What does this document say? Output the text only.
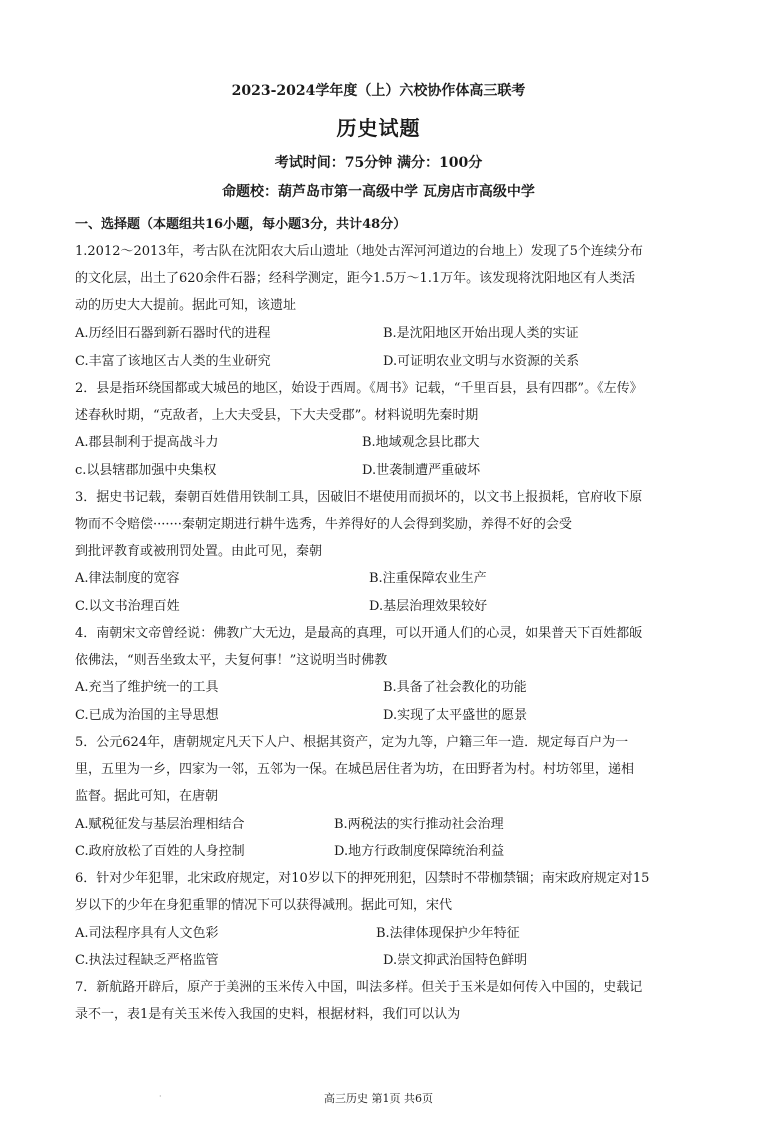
2023-2024学年度（上）六校协作体高三联考
历史试题
考试时间：75分钟 满分：100分
命题校：葫芦岛市第一高级中学 瓦房店市高级中学
一、选择题（本题组共16小题，每小题3分，共计48分）
1.2012～2013年，考古队在沈阳农大后山遗址（地处古浑河河道边的台地上）发现了5个连续分布
的文化层，出土了620余件石器；经科学测定，距今1.5万～1.1万年。该发现将沈阳地区有人类活
动的历史大大提前。据此可知，该遗址
A.历经旧石器到新石器时代的进程	B.是沈阳地区开始出现人类的实证
C.丰富了该地区古人类的生业研究	D.可证明农业文明与水资源的关系
2．县是指环绕国都或大城邑的地区，始设于西周。《周书》记载，“千里百县，县有四郡”。《左传》
述春秋时期，“克敌者，上大夫受县，下大夫受郡”。材料说明先秦时期
A.郡县制利于提高战斗力	B.地域观念县比郡大
c.以县辖郡加强中央集权	D.世袭制遭严重破坏
3．据史书记载，秦朝百姓借用铁制工具，因破旧不堪使用而损坏的，以文书上报损耗，官府收下原
物而不令赔偿·······秦朝定期进行耕牛选秀，牛养得好的人会得到奖励，养得不好的会受
到批评教育或被刑罚处置。由此可见，秦朝
A.律法制度的宽容	B.注重保障农业生产
C.以文书治理百姓	D.基层治理效果较好
4．南朝宋文帝曾经说：佛教广大无边，是最高的真理，可以开通人们的心灵，如果普天下百姓都皈
依佛法，“则吾坐致太平，夫复何事！”这说明当时佛教
A.充当了维护统一的工具	B.具备了社会教化的功能
C.已成为治国的主导思想	D.实现了太平盛世的愿景
5．公元624年，唐朝规定凡天下人户、根据其资产，定为九等，户籍三年一造．规定每百户为一
里，五里为一乡，四家为一邻，五邻为一保。在城邑居住者为坊，在田野者为村。村坊邻里，递相
监督。据此可知，在唐朝
A.赋税征发与基层治理相结合	B.两税法的实行推动社会治理
C.政府放松了百姓的人身控制	D.地方行政制度保障统治利益
6．针对少年犯罪，北宋政府规定，对10岁以下的押死刑犯，囚禁时不带枷禁锢；南宋政府规定对15
岁以下的少年在身犯重罪的情况下可以获得减刑。据此可知，宋代
A.司法程序具有人文色彩	B.法律体现保护少年特征
C.执法过程缺乏严格监管	D.崇文抑武治国特色鲜明
7．新航路开辟后，原产于美洲的玉米传入中国，叫法多样。但关于玉米是如何传入中国的，史载记
录不一，表1是有关玉米传入我国的史料，根据材料，我们可以认为
·	高三历史 第1页 共6页
